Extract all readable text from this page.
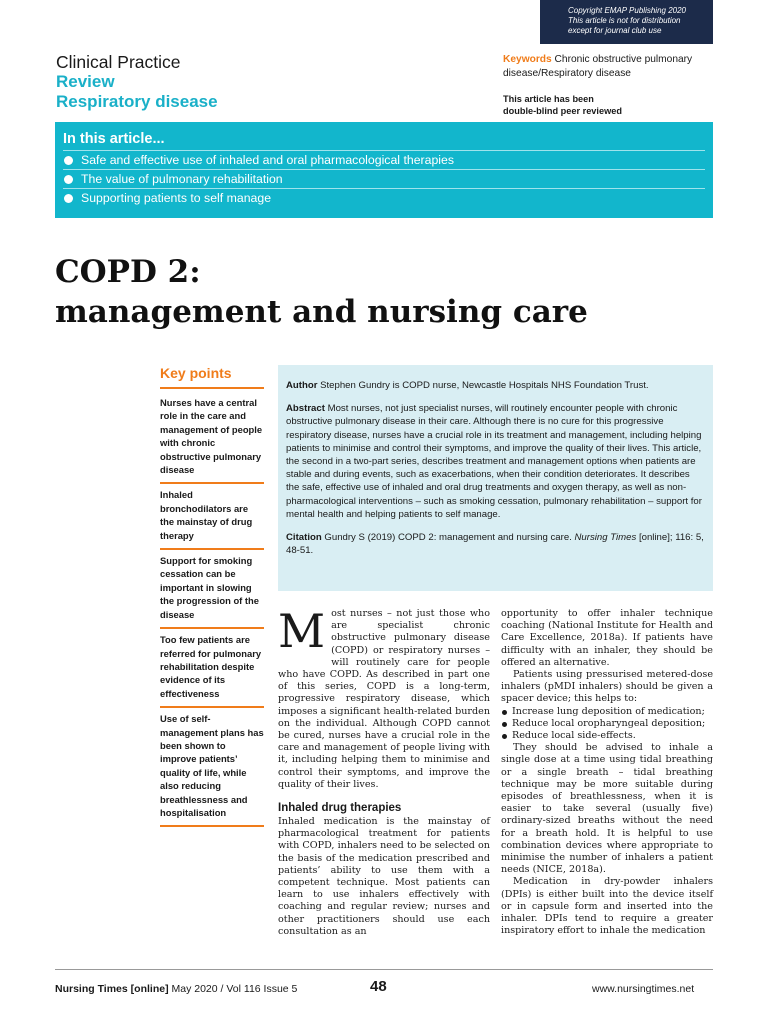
Copyright EMAP Publishing 2020
This article is not for distribution
except for journal club use
Clinical Practice
Review
Respiratory disease
Keywords Chronic obstructive pulmonary disease/Respiratory disease
This article has been
double-blind peer reviewed
In this article...
Safe and effective use of inhaled and oral pharmacological therapies
The value of pulmonary rehabilitation
Supporting patients to self manage
COPD 2:
management and nursing care
Key points
Nurses have a central role in the care and management of people with chronic obstructive pulmonary disease
Inhaled bronchodilators are the mainstay of drug therapy
Support for smoking cessation can be important in slowing the progression of the disease
Too few patients are referred for pulmonary rehabilitation despite evidence of its effectiveness
Use of self-management plans has been shown to improve patients’ quality of life, while also reducing breathlessness and hospitalisation

Author Stephen Gundry is COPD nurse, Newcastle Hospitals NHS Foundation Trust.

Abstract Most nurses, not just specialist nurses, will routinely encounter people with chronic obstructive pulmonary disease in their care. Although there is no cure for this progressive respiratory disease, nurses have a crucial role in its treatment and management, including helping patients to minimise and control their symptoms, and improve the quality of their lives. This article, the second in a two-part series, describes treatment and management options when patients are stable and during events, such as exacerbations, when their condition deteriorates. It describes the safe, effective use of inhaled and oral drug treatments and oxygen therapy, as well as non-pharmacological interventions – such as smoking cessation, pulmonary rehabilitation – support for mental health and helping patients to self manage.

Citation Gundry S (2019) COPD 2: management and nursing care. Nursing Times [online]; 116: 5, 48-51.

Most nurses – not just those who are specialist chronic obstructive pulmonary disease (COPD) or respiratory nurses – will routinely care for people who have COPD. As described in part one of this series, COPD is a long-term, progressive respiratory disease, which imposes a significant health-related burden on the individual. Although COPD cannot be cured, nurses have a crucial role in the care and management of people living with it, including helping them to minimise and control their symptoms, and improve the quality of their lives.

Inhaled drug therapies

Inhaled medication is the mainstay of pharmacological treatment for patients with COPD, inhalers need to be selected on the basis of the medication prescribed and patients’ ability to use them with a competent technique. Most patients can learn to use inhalers effectively with coaching and regular review; nurses and other practitioners should use each consultation as an

opportunity to offer inhaler technique coaching (National Institute for Health and Care Excellence, 2018a). If patients have difficulty with an inhaler, they should be offered an alternative.

Patients using pressurised metered-dose inhalers (pMDI inhalers) should be given a spacer device; this helps to:

Increase lung deposition of medication;
Reduce local oropharyngeal deposition;
Reduce local side-effects.

They should be advised to inhale a single dose at a time using tidal breathing or a single breath – tidal breathing technique may be more suitable during episodes of breathlessness, when it is easier to take several (usually five) ordinary-sized breaths without the need for a breath hold. It is helpful to use combination devices where appropriate to minimise the number of inhalers a patient needs (NICE, 2018a).

Medication in dry-powder inhalers (DPIs) is either built into the device itself or in capsule form and inserted into the inhaler. DPIs tend to require a greater inspiratory effort to inhale the medication

Nursing Times [online] May 2020 / Vol 116 Issue 5	48	www.nursingtimes.net
